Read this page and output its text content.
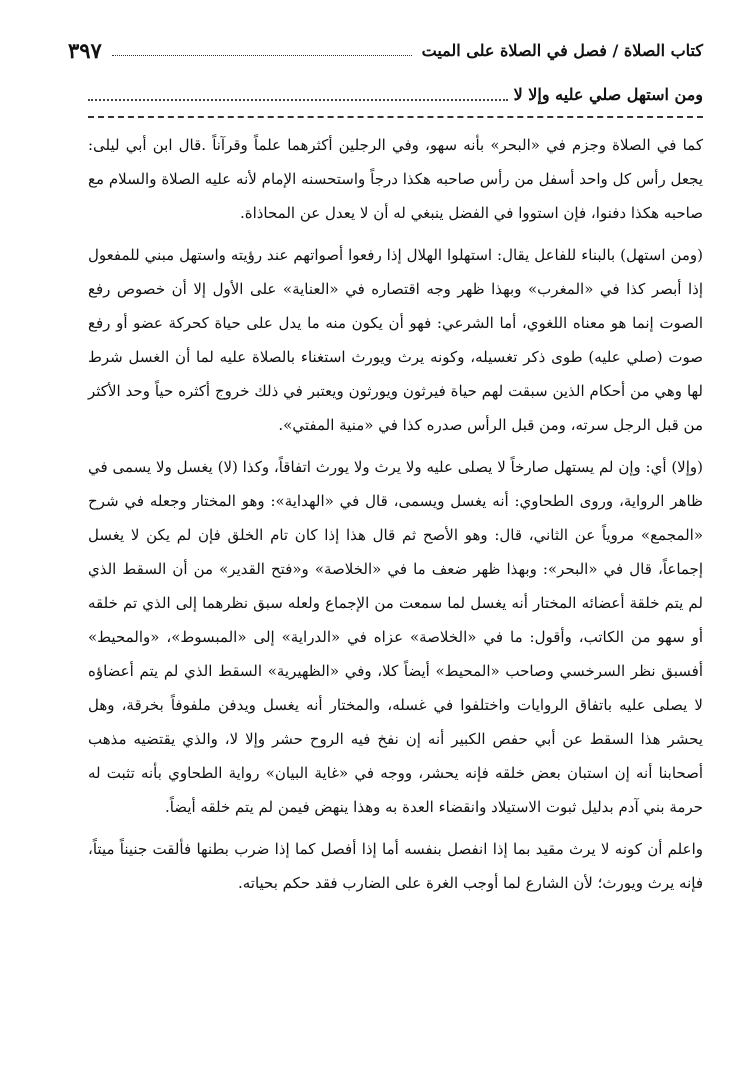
كتاب الصلاة / فصل في الصلاة على الميت
٣٩٧
ومن استهل صلي عليه وإلا لا

كما في الصلاة وجزم في «البحر» بأنه سهو، وفي الرجلين أكثرهما علماً وقرآناً .قال ابن أبي ليلى: يجعل رأس كل واحد أسفل من رأس صاحبه هكذا درجاً واستحسنه الإمام لأنه عليه الصلاة والسلام مع صاحبه هكذا دفنوا، فإن استووا في الفضل ينبغي له أن لا يعدل عن المحاذاة.

(ومن استهل) بالبناء للفاعل يقال: استهلوا الهلال إذا رفعوا أصواتهم عند رؤيته واستهل مبني للمفعول إذا أبصر كذا في «المغرب» وبهذا ظهر وجه اقتصاره في «العناية» على الأول إلا أن خصوص رفع الصوت إنما هو معناه اللغوي، أما الشرعي: فهو أن يكون منه ما يدل على حياة كحركة عضو أو رفع صوت (صلي عليه) طوى ذكر تغسيله، وكونه يرث ويورث استغناء بالصلاة عليه لما أن الغسل شرط لها وهي من أحكام الذين سبقت لهم حياة فيرثون ويورثون ويعتبر في ذلك خروج أكثره حياً وحد الأكثر من قبل الرجل سرته، ومن قبل الرأس صدره كذا في «منية المفتي».

(وإلا) أي: وإن لم يستهل صارخاً لا يصلى عليه ولا يرث ولا يورث اتفاقاً، وكذا (لا) يغسل ولا يسمى في ظاهر الرواية، وروى الطحاوي: أنه يغسل ويسمى، قال في «الهداية»: وهو المختار وجعله في شرح «المجمع» مروياً عن الثاني، قال: وهو الأصح ثم قال هذا إذا كان تام الخلق فإن لم يكن لا يغسل إجماعاً، قال في «البحر»: وبهذا ظهر ضعف ما في «الخلاصة» و«فتح القدير» من أن السقط الذي لم يتم خلقة أعضائه المختار أنه يغسل لما سمعت من الإجماع ولعله سبق نظرهما إلى الذي تم خلقه أو سهو من الكاتب، وأقول: ما في «الخلاصة» عزاه في «الدراية» إلى «المبسوط»، «والمحيط» أفسبق نظر السرخسي وصاحب «المحيط» أيضاً كلا، وفي «الظهيرية» السقط الذي لم يتم أعضاؤه لا يصلى عليه باتفاق الروايات واختلفوا في غسله، والمختار أنه يغسل ويدفن ملفوفاً بخرقة، وهل يحشر هذا السقط عن أبي حفص الكبير أنه إن نفخ فيه الروح حشر وإلا لا، والذي يقتضيه مذهب أصحابنا أنه إن استبان بعض خلقه فإنه يحشر، ووجه في «غاية البيان» رواية الطحاوي بأنه تثبت له حرمة بني آدم بدليل ثبوت الاستيلاد وانقضاء العدة به وهذا ينهض فيمن لم يتم خلقه أيضاً.

واعلم أن كونه لا يرث مقيد بما إذا انفصل بنفسه أما إذا أفصل كما إذا ضرب بطنها فألقت جنيناً ميتاً، فإنه يرث ويورث؛ لأن الشارع لما أوجب الغرة على الضارب فقد حكم بحياته.
